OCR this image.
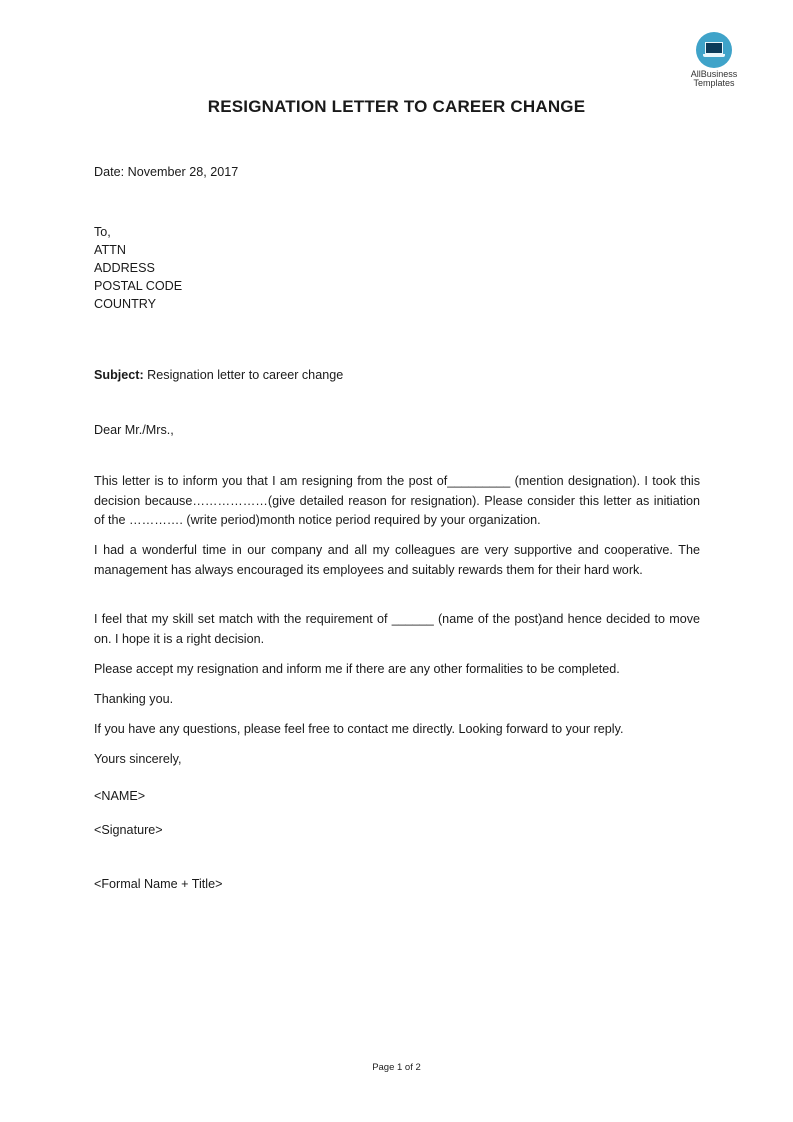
AllBusiness
Templates
RESIGNATION LETTER TO CAREER CHANGE

Date: November 28, 2017

To,
ATTN
ADDRESS
POSTAL CODE
COUNTRY

Subject: Resignation letter to career change

Dear Mr./Mrs.,

This letter is to inform you that I am resigning from the post of_________ (mention designation). I took this decision because………………(give detailed reason for resignation). Please consider this letter as initiation of the …………. (write period)month notice period required by your organization.

I had a wonderful time in our company and all my colleagues are very supportive and cooperative. The management has always encouraged its employees and suitably rewards them for their hard work.

I feel that my skill set match with the requirement of ______ (name of the post)and hence decided to move on. I hope it is a right decision.

Please accept my resignation and inform me if there are any other formalities to be completed.

Thanking you.

If you have any questions, please feel free to contact me directly. Looking forward to your reply.

Yours sincerely,

<NAME>

<Signature>

<Formal Name + Title>

Page 1 of 2
